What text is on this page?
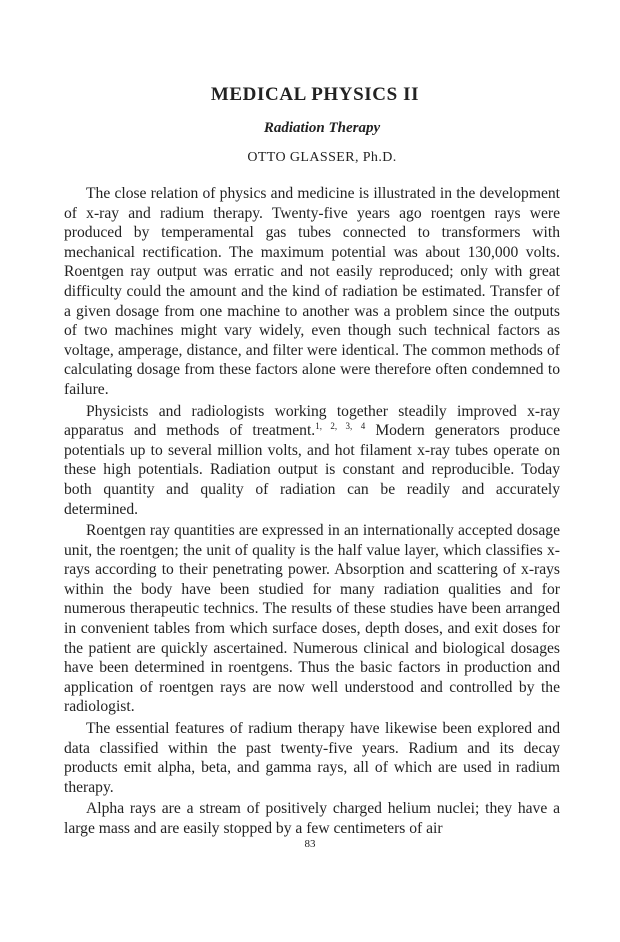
MEDICAL PHYSICS II
Radiation Therapy
OTTO GLASSER, Ph.D.

The close relation of physics and medicine is illustrated in the development of x-ray and radium therapy. Twenty-five years ago roentgen rays were produced by temperamental gas tubes connected to transformers with mechanical rectification. The maximum potential was about 130,000 volts. Roentgen ray output was erratic and not easily reproduced; only with great difficulty could the amount and the kind of radiation be estimated. Transfer of a given dosage from one machine to another was a problem since the outputs of two machines might vary widely, even though such technical factors as voltage, amperage, distance, and filter were identical. The common methods of calculating dosage from these factors alone were therefore often condemned to failure.

Physicists and radiologists working together steadily improved x-ray apparatus and methods of treatment.$^{1, 2, 3, 4}$ Modern generators produce potentials up to several million volts, and hot filament x-ray tubes operate on these high potentials. Radiation output is constant and reproducible. Today both quantity and quality of radiation can be readily and accurately determined.

Roentgen ray quantities are expressed in an internationally accepted dosage unit, the roentgen; the unit of quality is the half value layer, which classifies x-rays according to their penetrating power. Absorption and scattering of x-rays within the body have been studied for many radiation qualities and for numerous therapeutic technics. The results of these studies have been arranged in convenient tables from which surface doses, depth doses, and exit doses for the patient are quickly ascertained. Numerous clinical and biological dosages have been determined in roentgens. Thus the basic factors in production and application of roentgen rays are now well understood and controlled by the radiologist.

The essential features of radium therapy have likewise been explored and data classified within the past twenty-five years. Radium and its decay products emit alpha, beta, and gamma rays, all of which are used in radium therapy.

Alpha rays are a stream of positively charged helium nuclei; they have a large mass and are easily stopped by a few centimeters of air

83
